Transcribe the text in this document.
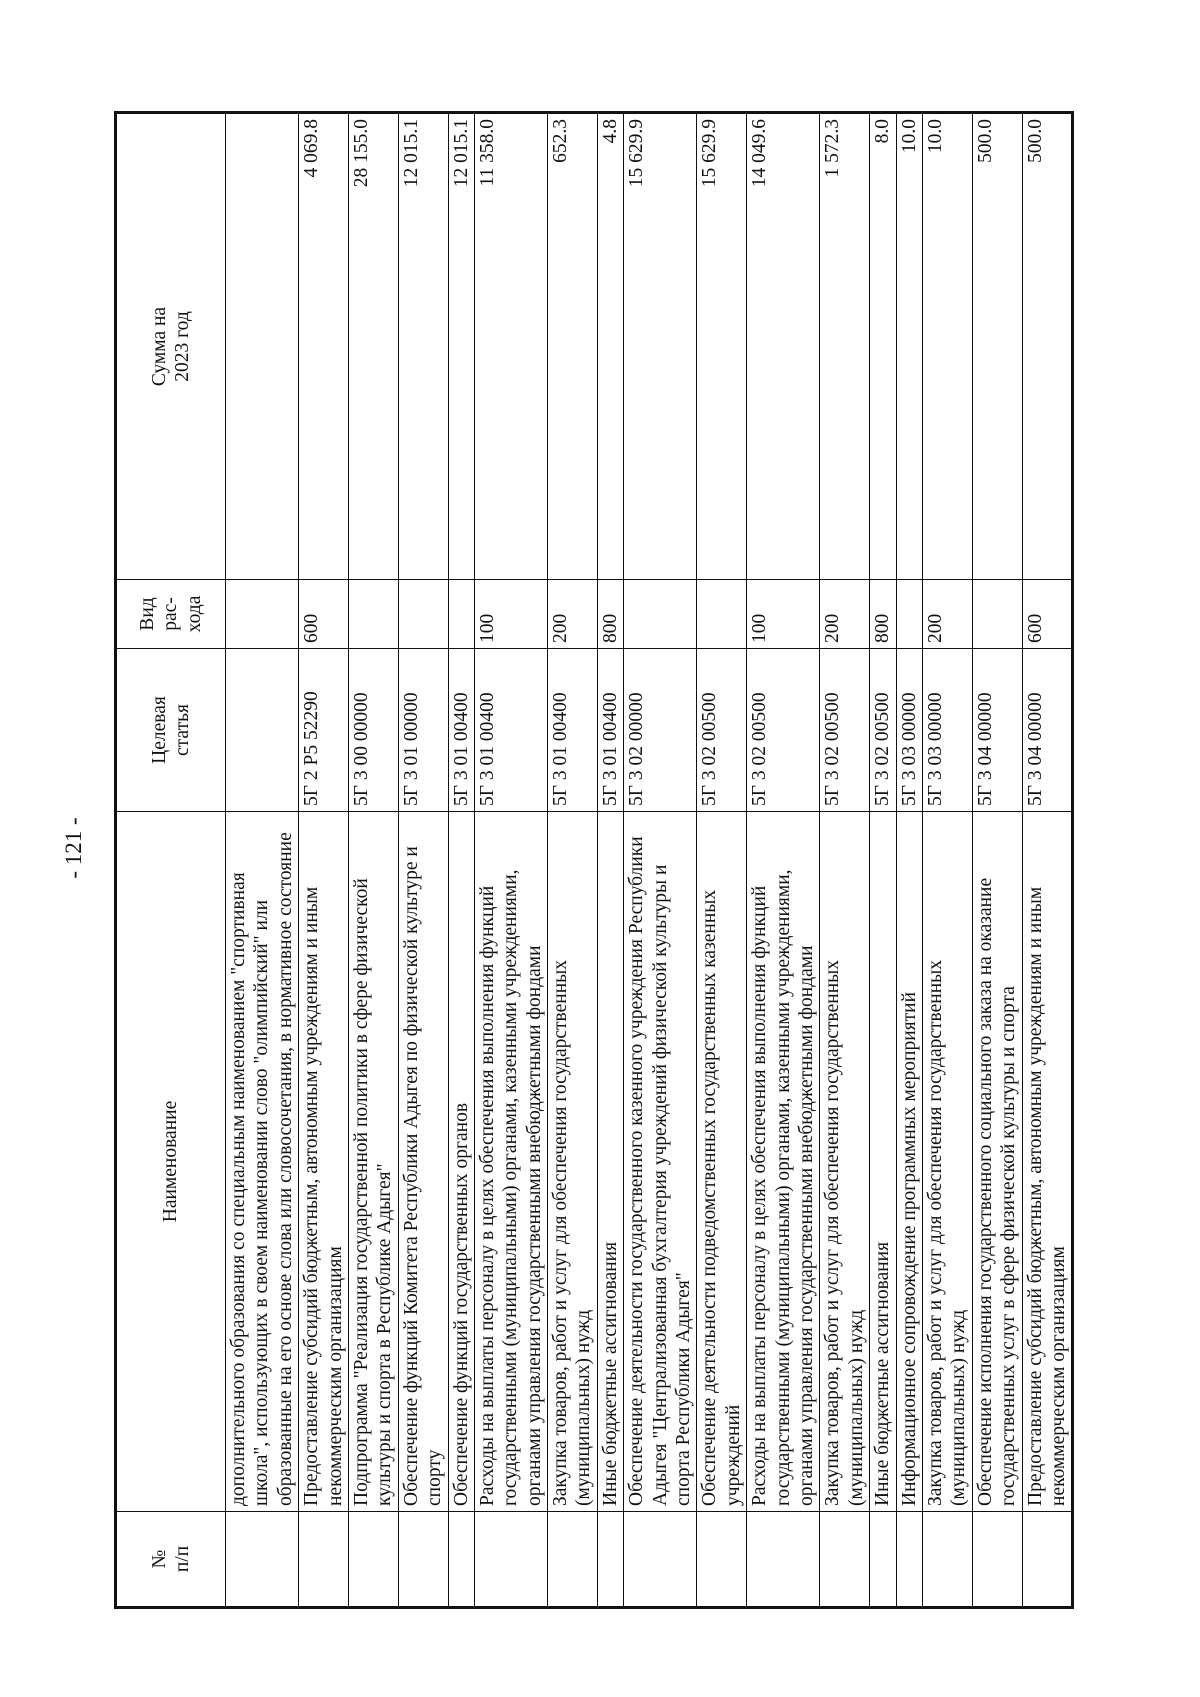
- 121 -
№ п/п	Наименование	Целевая статья	Вид рас- хода	Сумма на 2023 год

	дополнительного образования со специальным наименованием "спортивная школа", использующих в своем наименовании слово "олимпийский" или образованные на его основе слова или словосочетания, в нормативное состояние			
	Предоставление субсидий бюджетным, автономным учреждениям и иным некоммерческим организациям	5Г 2 Р5 52290	600	4 069.8
	Подпрограмма "Реализация государственной политики в сфере физической культуры и спорта в Республике Адыгея"	5Г 3 00 00000		28 155.0
	Обеспечение функций Комитета Республики Адыгея по физической культуре и спорту	5Г 3 01 00000		12 015.1
	Обеспечение функций государственных органов	5Г 3 01 00400		12 015.1
	Расходы на выплаты персоналу в целях обеспечения выполнения функций государственными (муниципальными) органами, казенными учреждениями, органами управления государственными внебюджетными фондами	5Г 3 01 00400	100	11 358.0
	Закупка товаров, работ и услуг для обеспечения государственных (муниципальных) нужд	5Г 3 01 00400	200	652.3
	Иные бюджетные ассигнования	5Г 3 01 00400	800	4.8
	Обеспечение деятельности государственного казенного учреждения Республики Адыгея "Централизованная бухгалтерия учреждений физической культуры и спорта Республики Адыгея"	5Г 3 02 00000		15 629.9
	Обеспечение деятельности подведомственных государственных казенных учреждений	5Г 3 02 00500		15 629.9
	Расходы на выплаты персоналу в целях обеспечения выполнения функций государственными (муниципальными) органами, казенными учреждениями, органами управления государственными внебюджетными фондами	5Г 3 02 00500	100	14 049.6
	Закупка товаров, работ и услуг для обеспечения государственных (муниципальных) нужд	5Г 3 02 00500	200	1 572.3
	Иные бюджетные ассигнования	5Г 3 02 00500	800	8.0
	Информационное сопровождение программных мероприятий	5Г 3 03 00000		10.0
	Закупка товаров, работ и услуг для обеспечения государственных (муниципальных) нужд	5Г 3 03 00000	200	10.0
	Обеспечение исполнения государственного социального заказа на оказание государственных услуг в сфере физической культуры и спорта	5Г 3 04 00000		500.0
	Предоставление субсидий бюджетным, автономным учреждениям и иным некоммерческим организациям	5Г 3 04 00000	600	500.0
